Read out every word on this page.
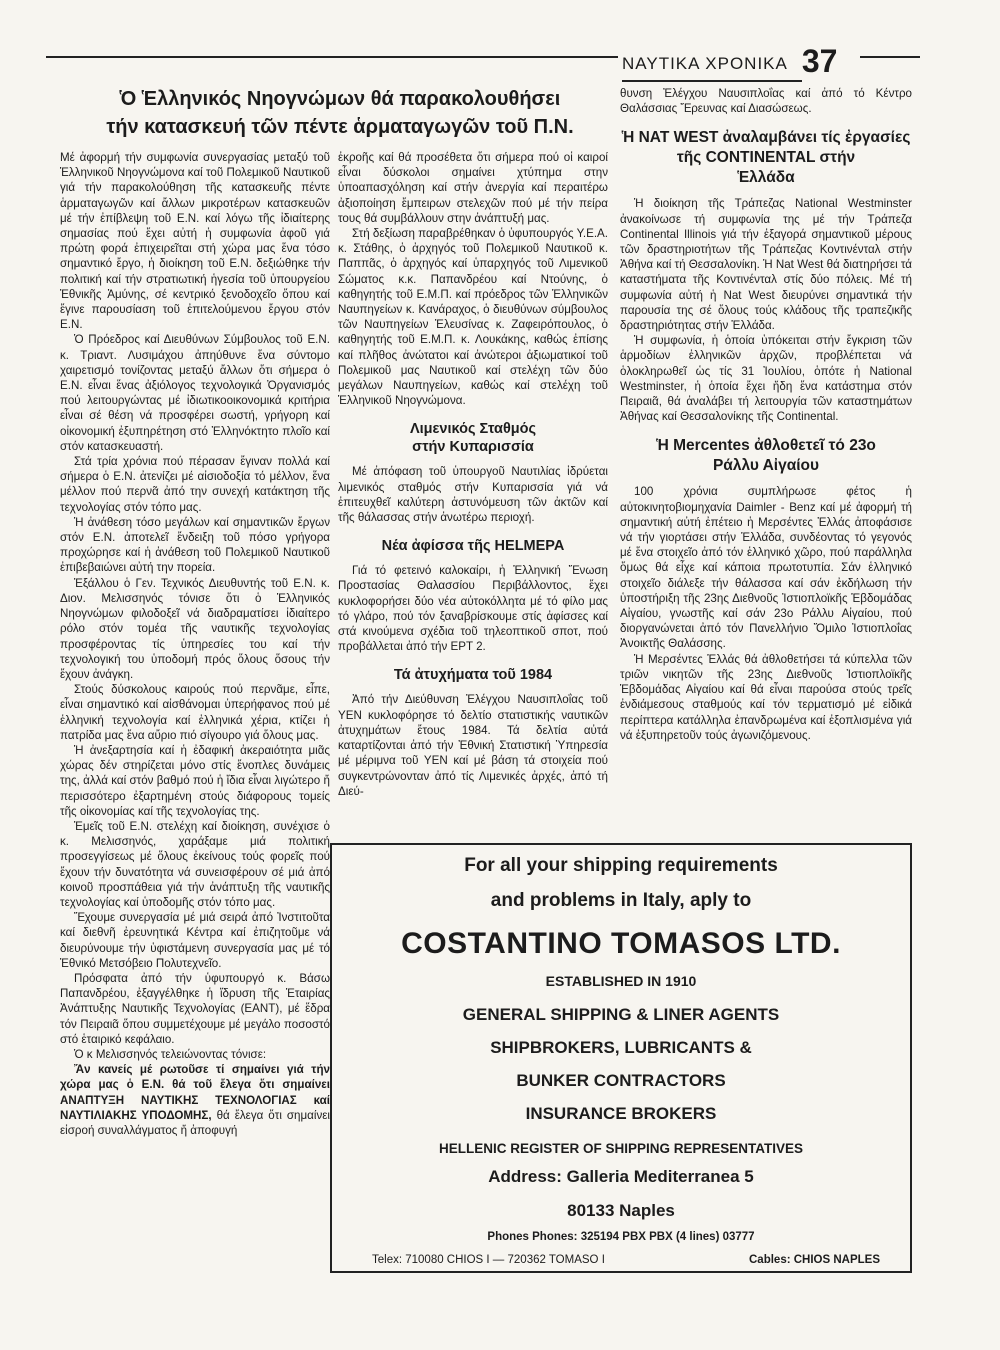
ΝΑΥΤΙΚΑ ΧΡΟΝΙΚΑ 37
Ὁ Ἑλληνικός Νηογνώμων θά παρακολουθήσει
τήν κατασκευή τῶν πέντε ἁρματαγωγῶν τοῦ Π.Ν.

Μέ ἀφορμή τήν συμφωνία συνεργασίας μεταξύ τοῦ Ἑλληνικοῦ Νηογνώμονα καί τοῦ Πολεμικοῦ Ναυτικοῦ γιά τήν παρακολούθηση τῆς κατασκευῆς πέντε ἁρματαγωγῶν καί ἄλλων μικροτέρων κατασκευῶν μέ τήν ἐπίβλεψη τοῦ Ε.Ν. καί λόγω τῆς ἰδιαίτερης σημασίας πού ἔχει αὐτή ἡ συμφωνία ἀφοῦ γιά πρώτη φορά ἐπιχειρεῖται στή χώρα μας ἕνα τόσο σημαντικό ἔργο, ἡ διοίκηση τοῦ Ε.Ν. δεξιώθηκε τήν πολιτική καί τήν στρατιωτική ἡγεσία τοῦ ὑπουργείου Ἐθνικῆς Ἀμύνης, σέ κεντρικό ξενοδοχεῖο ὅπου καί ἔγινε παρουσίαση τοῦ ἐπιτελούμενου ἔργου στόν Ε.Ν.

Ὁ Πρόεδρος καί Διευθύνων Σύμβουλος τοῦ Ε.Ν. κ. Τριαντ. Λυσιμάχου ἀπηύθυνε ἕνα σύντομο χαιρετισμό τονίζοντας μεταξύ ἄλλων ὅτι σήμερα ὁ Ε.Ν. εἶναι ἕνας ἀξιόλογος τεχνολογικά Ὀργανισμός πού λειτουργώντας μέ ἰδιωτικοοικονομικά κριτήρια εἶναι σέ θέση νά προσφέρει σωστή, γρήγορη καί οἰκονομική ἐξυπηρέτηση στό Ἑλληνόκτητο πλοῖο καί στόν κατασκευαστή.

Στά τρία χρόνια πού πέρασαν ἔγιναν πολλά καί σήμερα ὁ Ε.Ν. ἀτενίζει μέ αἰσιοδοξία τό μέλλον, ἕνα μέλλον πού περνᾶ ἀπό την συνεχή κατάκτηση τῆς τεχνολογίας στόν τόπο μας.

Ἡ ἀνάθεση τόσο μεγάλων καί σημαντικῶν ἔργων στόν Ε.Ν. ἀποτελεῖ ἔνδειξη τοῦ πόσο γρήγορα προχώρησε καί ἡ ἀνάθεση τοῦ Πολεμικοῦ Ναυτικοῦ ἐπιβεβαιώνει αὐτή την πορεία.

Ἐξάλλου ὁ Γεν. Τεχνικός Διευθυντής τοῦ Ε.Ν. κ. Διον. Μελισσηνός τόνισε ὅτι ὁ Ἑλληνικός Νηογνώμων φιλοδοξεῖ νά διαδραματίσει ἰδιαίτερο ρόλο στόν τομέα τῆς ναυτικῆς τεχνολογίας προσφέροντας τίς ὑπηρεσίες του καί τήν τεχνολογική του ὑποδομή πρός ὅλους ὅσους τήν ἔχουν ἀνάγκη.

Στούς δύσκολους καιρούς πού περνᾶμε, εἶπε, εἶναι σημαντικό καί αἰσθάνομαι ὑπερήφανος πού μέ ἑλληνική τεχνολογία καί ἑλληνικά χέρια, κτίζει ἡ πατρίδα μας ἕνα αὔριο πιό σίγουρο γιά ὅλους μας.

Ἡ ἀνεξαρτησία καί ἡ ἐδαφική ἀκεραιότητα μιᾶς χώρας δέν στηρίζεται μόνο στίς ἔνοπλες δυνάμεις της, ἀλλά καί στόν βαθμό πού ἡ ἴδια εἶναι λιγώτερο ἤ περισσότερο ἐξαρτημένη στούς διάφορους τομείς τῆς οἰκονομίας καί τῆς τεχνολογίας της.

Ἐμεῖς τοῦ Ε.Ν. στελέχη καί διοίκηση, συνέχισε ὁ κ. Μελισσηνός, χαράξαμε μιά πολιτική προσεγγίσεως μέ ὅλους ἐκείνους τούς φορεῖς πού ἔχουν τήν δυνατότητα νά συνεισφέρουν σέ μιά ἀπό κοινοῦ προσπάθεια γιά τήν ἀνάπτυξη τῆς ναυτικῆς τεχνολογίας καί ὑποδομῆς στόν τόπο μας.

Ἔχουμε συνεργασία μέ μιά σειρά ἀπό Ἰνστιτοῦτα καί διεθνῆ ἐρευνητικά Κέντρα καί ἐπιζητοῦμε νά διευρύνουμε τήν ὑφιστάμενη συνεργασία μας μέ τό Ἐθνικό Μετσόβειο Πολυτεχνεῖο.

Πρόσφατα ἀπό τήν ὑφυπουργό κ. Βάσω Παπανδρέου, ἐξαγγέλθηκε ἡ ἵδρυση τῆς Ἑταιρίας Ἀνάπτυξης Ναυτικῆς Τεχνολογίας (ΕΑΝΤ), μέ ἕδρα τόν Πειραιᾶ ὅπου συμμετέχουμε μέ μεγάλο ποσοστό στό ἑταιρικό κεφάλαιο.

Ὁ κ Μελισσηνός τελειώνοντας τόνισε:

Ἄν κανείς μέ ρωτοῦσε τί σημαίνει γιά τήν χώρα μας ὁ Ε.Ν. θά τοῦ ἔλεγα ὅτι σημαίνει ΑΝΑΠΤΥΞΗ ΝΑΥΤΙΚΗΣ ΤΕΧΝΟΛΟΓΙΑΣ καί ΝΑΥΤΙΛΙΑΚΗΣ ΥΠΟΔΟΜΗΣ, θά ἔλεγα ὅτι σημαίνει εἰσροή συναλλάγματος ἤ ἀποφυγή

ἐκροῆς καί θά προσέθετα ὅτι σήμερα πού οἱ καιροί εἶναι δύσκολοι σημαίνει χτύπημα στην ὑποαπασχόληση καί στήν ἀνεργία καί περαιτέρω ἀξιοποίηση ἔμπειρων στελεχῶν πού μέ τήν πείρα τους θά συμβάλλουν στην ἀνάπτυξή μας.

Στή δεξίωση παραβρέθηκαν ὁ ὑφυπουργός Υ.Ε.Α. κ. Στάθης, ὁ ἀρχηγός τοῦ Πολεμικοῦ Ναυτικοῦ κ. Παππᾶς, ὁ ἀρχηγός καί ὑπαρχηγός τοῦ Λιμενικοῦ Σώματος κ.κ. Παπανδρέου καί Ντούνης, ὁ καθηγητής τοῦ Ε.Μ.Π. καί πρόεδρος τῶν Ἑλληνικῶν Ναυπηγείων κ. Κανάραχος, ὁ διευθύνων σύμβουλος τῶν Ναυπηγείων Ἐλευσίνας κ. Ζαφειρόπουλος, ὁ καθηγητής τοῦ Ε.Μ.Π. κ. Λουκάκης, καθώς ἐπίσης καί πλῆθος ἀνώτατοι καί ἀνώτεροι ἀξιωματικοί τοῦ Πολεμικοῦ μας Ναυτικοῦ καί στελέχη τῶν δύο μεγάλων Ναυπηγείων, καθώς καί στελέχη τοῦ Ἑλληνικοῦ Νηογνώμονα.

Λιμενικός Σταθμός
στήν Κυπαρισσία

Μέ ἀπόφαση τοῦ ὑπουργοῦ Ναυτιλίας ἱδρύεται λιμενικός σταθμός στήν Κυπαρισσία γιά νά ἐπιτευχθεῖ καλύτερη ἀστυνόμευση τῶν ἀκτῶν καί τῆς θάλασσας στήν ἀνωτέρω περιοχή.

Νέα ἀφίσσα τῆς HELMEPA

Γιά τό φετεινό καλοκαίρι, ἡ Ἑλληνική Ἕνωση Προστασίας Θαλασσίου Περιβάλλοντος, ἔχει κυκλοφορήσει δύο νέα αὐτοκόλλητα μέ τό φίλο μας τό γλάρο, πού τόν ξαναβρίσκουμε στίς ἀφίσσες καί στά κινούμενα σχέδια τοῦ τηλεοπτικοῦ σποτ, πού προβάλλεται ἀπό τήν ΕΡΤ 2.

Τά ἀτυχήματα τοῦ 1984

Ἀπό τήν Διεύθυνση Ἐλέγχου Ναυσιπλοΐας τοῦ ΥΕΝ κυκλοφόρησε τό δελτίο στατιστικής ναυτικῶν ἀτυχημάτων ἔτους 1984. Τά δελτία αὐτά καταρτίζονται ἀπό τήν Ἐθνική Στατιστική Ὑπηρεσία μέ μέριμνα τοῦ ΥΕΝ καί μέ βάση τά στοιχεία πού συγκεντρώνονταν ἀπό τίς Λιμενικές ἀρχές, ἀπό τή Διεύ-

θυνση Ἐλέγχου Ναυσιπλοΐας καί ἀπό τό Κέντρο Θαλάσσιας Ἔρευνας καί Διασώσεως.

Ἡ NAT WEST ἀναλαμβάνει τίς ἐργασίες τῆς CONTINENTAL στήν
Ἑλλάδα

Ἡ διοίκηση τῆς Τράπεζας National Westminster ἀνακοίνωσε τή συμφωνία της μέ τήν Τράπεζα Continental Illinois γιά τήν ἐξαγορά σημαντικοῦ μέρους τῶν δραστηριοτήτων τῆς Τράπεζας Κοντινένταλ στήν Ἀθήνα καί τή Θεσσαλονίκη. Ἡ Nat West θά διατηρήσει τά καταστήματα τῆς Κοντινένταλ στίς δύο πόλεις. Μέ τή συμφωνία αὐτή ἡ Nat West διευρύνει σημαντικά τήν παρουσία της σέ ὅλους τούς κλάδους τῆς τραπεζικῆς δραστηριότητας στήν Ἑλλάδα.

Ἡ συμφωνία, ἡ ὁποία ὑπόκειται στήν ἔγκριση τῶν ἁρμοδίων ἑλληνικῶν ἀρχῶν, προβλέπεται νά ὁλοκληρωθεῖ ὡς τίς 31 Ἰουλίου, ὁπότε ἡ National Westminster, ἡ ὁποία ἔχει ἤδη ἕνα κατάστημα στόν Πειραιᾶ, θά ἀναλάβει τή λειτουργία τῶν καταστημάτων Ἀθήνας καί Θεσσαλονίκης τῆς Continental.

Ἡ Mercentes ἀθλοθετεῖ τό 23ο
Ράλλυ Αἰγαίου

100 χρόνια συμπλήρωσε φέτος ἡ αὐτοκινητοβιομηχανία Daimler - Benz καί μέ ἀφορμή τή σημαντική αὐτή ἐπέτειο ἡ Μερσέντες Ἑλλάς ἀποφάσισε νά τήν γιορτάσει στήν Ἑλλάδα, συνδέοντας τό γεγονός μέ ἕνα στοιχεῖο ἀπό τόν ἑλληνικό χῶρο, πού παράλληλα ὅμως θά εἶχε καί κάποια πρωτοτυπία. Σάν ἑλληνικό στοιχεῖο διάλεξε τήν θάλασσα καί σάν ἐκδήλωση τήν ὑποστήριξη τῆς 23ης Διεθνοῦς Ἰστιοπλοϊκῆς Ἑβδομάδας Αἰγαίου, γνωστῆς καί σάν 23ο Ράλλυ Αἰγαίου, πού διοργανώνεται ἀπό τόν Πανελλήνιο Ὅμιλο Ἰστιοπλοΐας Ἀνοικτῆς Θαλάσσης.

Ἡ Μερσέντες Ἑλλάς θά ἀθλοθετήσει τά κύπελλα τῶν τριῶν νικητῶν τῆς 23ης Διεθνοῦς Ἰστιοπλοϊκῆς Ἑβδομάδας Αἰγαίου καί θά εἶναι παρούσα στούς τρεῖς ἐνδιάμεσους σταθμούς καί τόν τερματισμό μέ εἰδικά περίπτερα κατάλληλα ἐπανδρωμένα καί ἐξοπλισμένα γιά νά ἐξυπηρετοῦν τούς ἀγωνιζόμενους.

For all your shipping requirements
and problems in Italy, aply to
COSTANTINO TOMASOS LTD.
ESTABLISHED IN 1910
GENERAL SHIPPING & LINER AGENTS
SHIPBROKERS, LUBRICANTS &
BUNKER CONTRACTORS
INSURANCE BROKERS
HELLENIC REGISTER OF SHIPPING REPRESENTATIVES
Address: Galleria Mediterranea 5
80133 Naples
Phones Phones: 325194 PBX PBX (4 lines) 03777
Telex: 710080 CHIOS I — 720362 TOMASO I	Cables: CHIOS NAPLES
